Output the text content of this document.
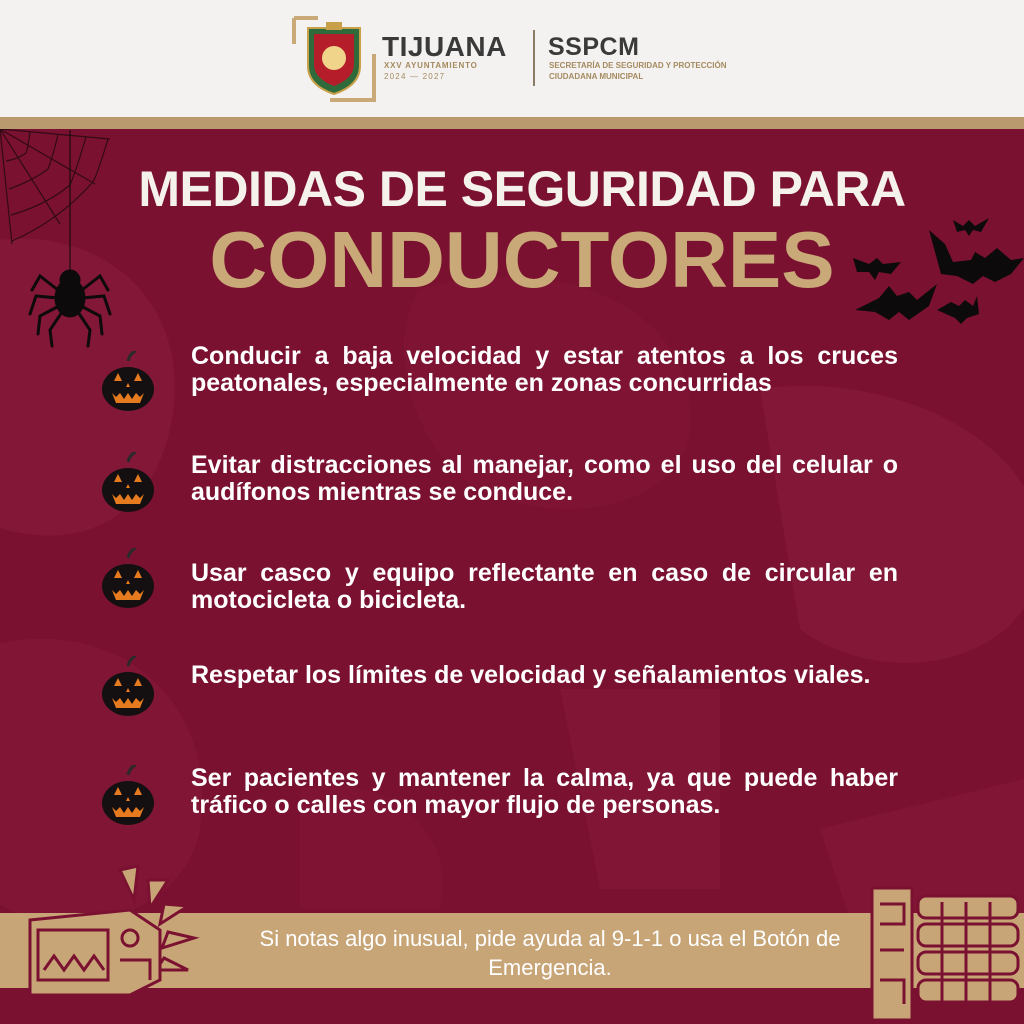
TIJUANA
XXV AYUNTAMIENTO
2024 — 2027
SSPCM
SECRETARÍA DE SEGURIDAD Y PROTECCIÓN CIUDADANA MUNICIPAL
MEDIDAS DE SEGURIDAD PARA
CONDUCTORES
Conducir a baja velocidad y estar atentos a los cruces peatonales, especialmente en zonas concurridas
Evitar distracciones al manejar, como el uso del celular o audífonos mientras se conduce.
Usar casco y equipo reflectante en caso de circular en motocicleta o bicicleta.
Respetar los límites de velocidad y señalamientos viales.
Ser pacientes y mantener la calma, ya que puede haber tráfico o calles con mayor flujo de personas.
Si notas algo inusual, pide ayuda al 9-1-1 o usa el Botón de Emergencia.
